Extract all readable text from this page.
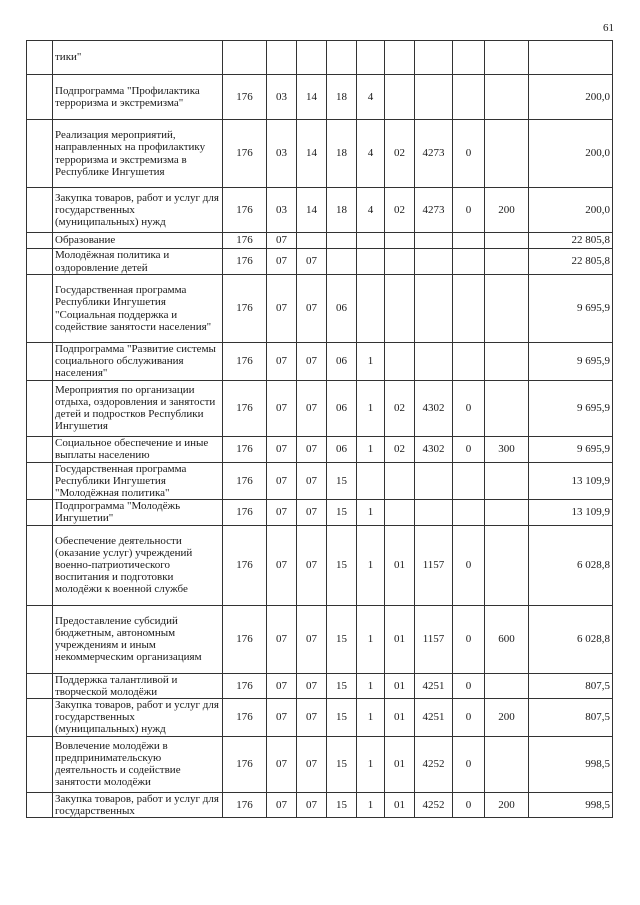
61
	тики"										
	Подпрограмма "Профилактика терроризма и экстремизма"	176	03	14	18	4					200,0
	Реализация мероприятий, направленных на профилактику терроризма и экстремизма в Республике Ингушетия	176	03	14	18	4	02	4273	0		200,0
	Закупка товаров, работ и услуг для государственных (муниципальных) нужд	176	03	14	18	4	02	4273	0	200	200,0
	Образование	176	07								22 805,8
	Молодёжная политика и оздоровление детей	176	07	07							22 805,8
	Государственная программа Республики Ингушетия "Социальная поддержка и содействие занятости населения"	176	07	07	06						9 695,9
	Подпрограмма "Развитие системы социального обслуживания населения"	176	07	07	06	1					9 695,9
	Мероприятия по организации отдыха, оздоровления и занятости детей и подростков Республики Ингушетия	176	07	07	06	1	02	4302	0		9 695,9
	Социальное обеспечение и иные выплаты населению	176	07	07	06	1	02	4302	0	300	9 695,9
	Государственная программа Республики Ингушетия "Молодёжная политика"	176	07	07	15						13 109,9
	Подпрограмма "Молодёжь Ингушетии"	176	07	07	15	1					13 109,9
	Обеспечение деятельности (оказание услуг) учреждений военно-патриотического воспитания и подготовки молодёжи к военной службе	176	07	07	15	1	01	1157	0		6 028,8
	Предоставление субсидий бюджетным, автономным учреждениям и иным некоммерческим организациям	176	07	07	15	1	01	1157	0	600	6 028,8
	Поддержка талантливой и творческой молодёжи	176	07	07	15	1	01	4251	0		807,5
	Закупка товаров, работ и услуг для государственных (муниципальных) нужд	176	07	07	15	1	01	4251	0	200	807,5
	Вовлечение молодёжи в предпринимательскую деятельность и содействие занятости молодёжи	176	07	07	15	1	01	4252	0		998,5
	Закупка товаров, работ и услуг для государственных	176	07	07	15	1	01	4252	0	200	998,5
